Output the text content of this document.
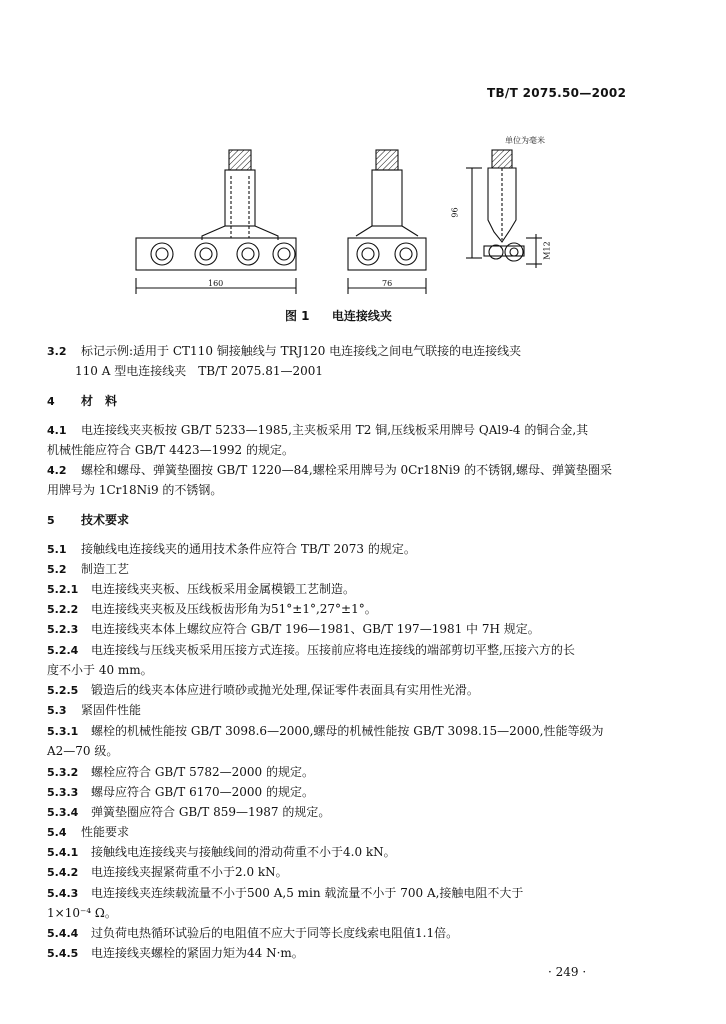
TB/T 2075.50—2002
160	76
96
M12
单位为毫米
图 1 电连接线夹
3.2 标记示例:适用于 CT110 铜接触线与 TRJ120 电连接线之间电气联接的电连接线夹
110 A 型电连接线夹　TB/T 2075.81—2001
4 材　料
4.1 电连接线夹夹板按 GB/T 5233—1985,主夹板采用 T2 铜,压线板采用牌号 QAl9-4 的铜合金,其
机械性能应符合 GB/T 4423—1992 的规定。
4.2 螺栓和螺母、弹簧垫圈按 GB/T 1220—84,螺栓采用牌号为 0Cr18Ni9 的不锈钢,螺母、弹簧垫圈采
用牌号为 1Cr18Ni9 的不锈钢。
5 技术要求
5.1 接触线电连接线夹的通用技术条件应符合 TB/T 2073 的规定。
5.2 制造工艺
5.2.1 电连接线夹夹板、压线板采用金属模锻工艺制造。
5.2.2 电连接线夹夹板及压线板齿形角为51°±1°,27°±1°。
5.2.3 电连接线夹本体上螺纹应符合 GB/T 196—1981、GB/T 197—1981 中 7H 规定。
5.2.4 电连接线与压线夹板采用压接方式连接。压接前应将电连接线的端部剪切平整,压接六方的长
度不小于 40 mm。
5.2.5 锻造后的线夹本体应进行喷砂或抛光处理,保证零件表面具有实用性光滑。
5.3 紧固件性能
5.3.1 螺栓的机械性能按 GB/T 3098.6—2000,螺母的机械性能按 GB/T 3098.15—2000,性能等级为
A2—70 级。
5.3.2 螺栓应符合 GB/T 5782—2000 的规定。
5.3.3 螺母应符合 GB/T 6170—2000 的规定。
5.3.4 弹簧垫圈应符合 GB/T 859—1987 的规定。
5.4 性能要求
5.4.1 接触线电连接线夹与接触线间的滑动荷重不小于4.0 kN。
5.4.2 电连接线夹握紧荷重不小于2.0 kN。
5.4.3 电连接线夹连续载流量不小于500 A,5 min 载流量不小于 700 A,接触电阻不大于
1×10⁻⁴ Ω。
5.4.4 过负荷电热循环试验后的电阻值不应大于同等长度线索电阻值1.1倍。
5.4.5 电连接线夹螺栓的紧固力矩为44 N·m。
· 249 ·
